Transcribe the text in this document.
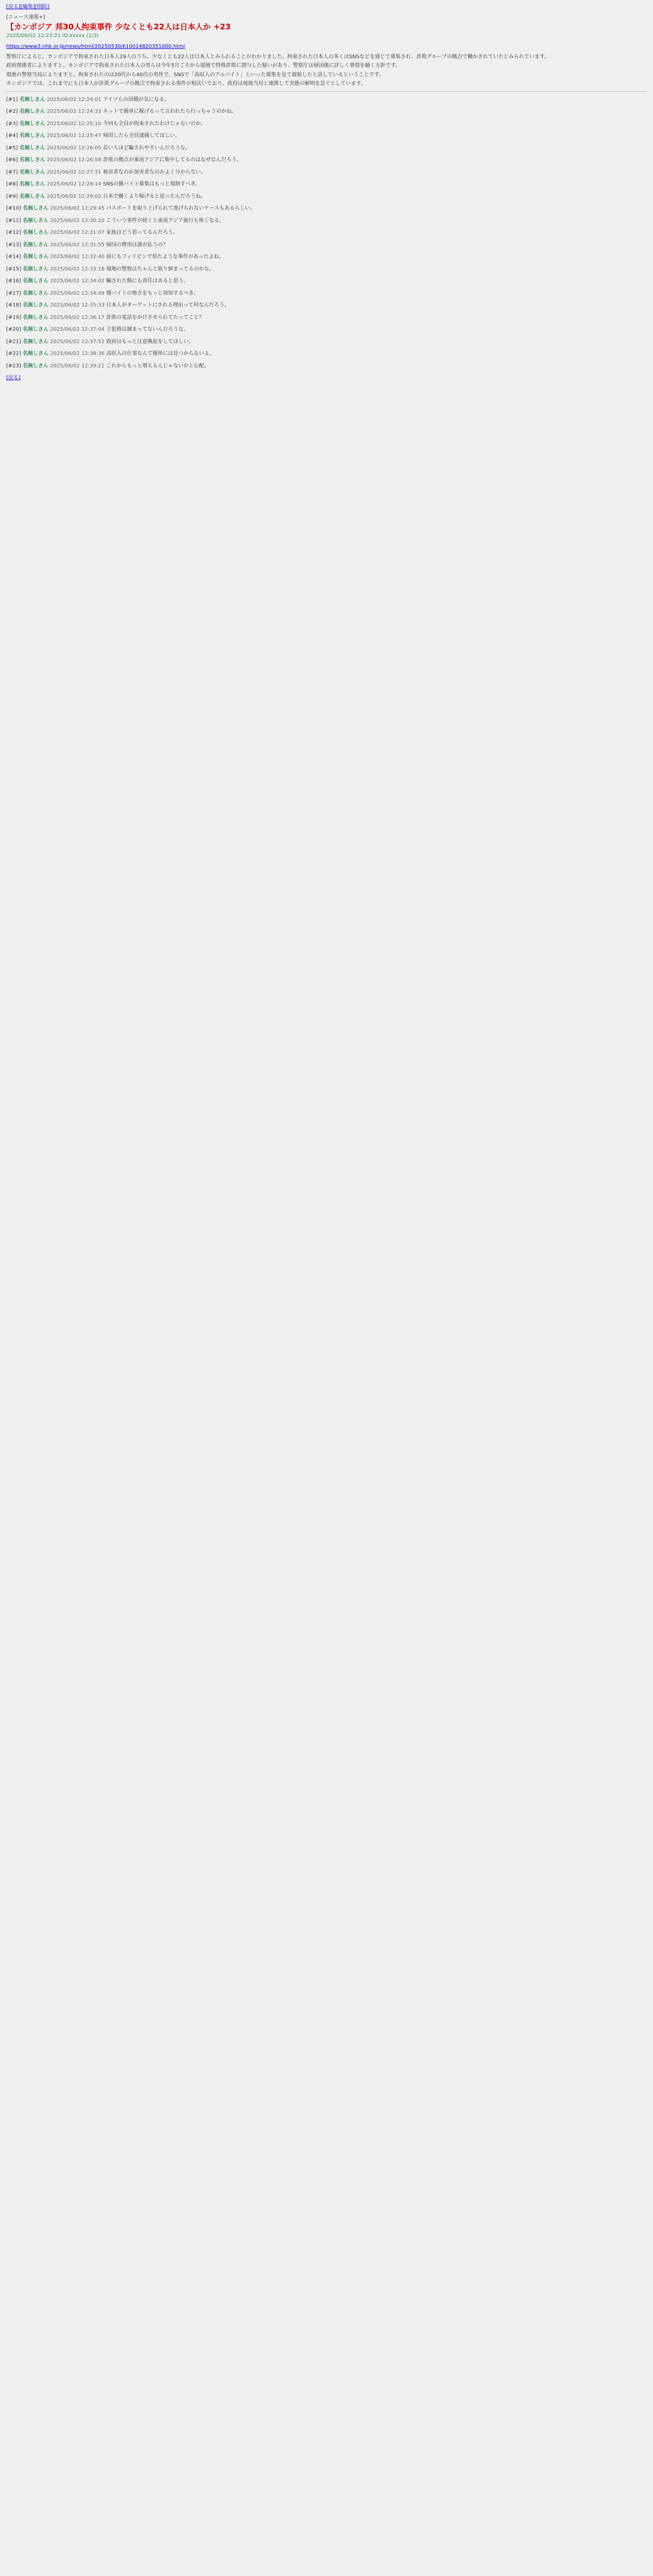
[戻る][編集][削除]
[ニュース速報+]
【カンボジア 邦30人拘束事件 少なくとも22人は日本人か +23
2025/06/02 12:23:22 ID:xxxxx (1/3)
https://www3.nhk.or.jp/news/html/20250530/k10014820351000.html

警察庁によると、カンボジアで拘束された日本人29人のうち、少なくとも22人は日本人とみられることがわかりました。拘束された日本人の多くはSNSなどを通じて募集され、詐欺グループの拠点で働かされていたとみられています。

政府関係者によりますと、カンボジアで拘束された日本人の男らは今年5月ごろから現地で特殊詐欺に関与した疑いがあり、警察庁は帰国後に詳しく事情を聴く方針です。

現地の警察当局によりますと、拘束されたのは20代から40代の男性で、SNSで「高収入のアルバイト」といった募集を見て渡航したと話しているということです。

カンボジアでは、これまでにも日本人が詐欺グループの拠点で拘束される事件が相次いでおり、政府は現地当局と連携して実態の解明を急ぐとしています。

[#1] 名無しさん 2025/06/02 12:24:01 アイツらの国籍が気になる。
[#2] 名無しさん 2025/06/02 12:24:33 ネットで簡単に稼げるって言われたら行っちゃうのかね。
[#3] 名無しさん 2025/06/02 12:25:10 今回も全員が拘束されたわけじゃないのか。
[#4] 名無しさん 2025/06/02 12:25:47 帰国したら全員逮捕してほしい。
[#5] 名無しさん 2025/06/02 12:26:05 若い人ほど騙されやすいんだろうな。
[#6] 名無しさん 2025/06/02 12:26:58 詐欺の拠点が東南アジアに集中してるのはなぜなんだろう。
[#7] 名無しさん 2025/06/02 12:27:31 被害者なのか加害者なのかよく分からない。
[#8] 名無しさん 2025/06/02 12:28:14 SNSの闇バイト募集はもっと規制すべき。
[#9] 名無しさん 2025/06/02 12:29:02 日本で働くより稼げると思ったんだろうね。
[#10] 名無しさん 2025/06/02 12:29:45 パスポートを取り上げられて逃げられないケースもあるらしい。
[#11] 名無しさん 2025/06/02 12:30:20 こういう事件が続くと東南アジア旅行も怖くなる。
[#12] 名無しさん 2025/06/02 12:31:07 家族はどう思ってるんだろう。
[#13] 名無しさん 2025/06/02 12:31:55 帰国の費用は誰が払うの？
[#14] 名無しさん 2025/06/02 12:32:40 前にもフィリピンで似たような事件があったよね。
[#15] 名無しさん 2025/06/02 12:33:18 現地の警察はちゃんと取り締まってるのかな。
[#16] 名無しさん 2025/06/02 12:34:02 騙された側にも責任はあると思う。
[#17] 名無しさん 2025/06/02 12:34:49 闇バイトの怖さをもっと周知するべき。
[#18] 名無しさん 2025/06/02 12:35:33 日本人がターゲットにされる理由って何なんだろう。
[#19] 名無しさん 2025/06/02 12:36:17 詐欺の電話をかけさせられてたってこと？
[#20] 名無しさん 2025/06/02 12:37:04 主犯格は捕まってないんだろうな。
[#21] 名無しさん 2025/06/02 12:37:52 政府はもっと注意喚起をしてほしい。
[#22] 名無しさん 2025/06/02 12:38:36 高収入の仕事なんて簡単には見つからないよ。
[#23] 名無しさん 2025/06/02 12:39:21 これからもっと増えるんじゃないかと心配。
[戻る]
